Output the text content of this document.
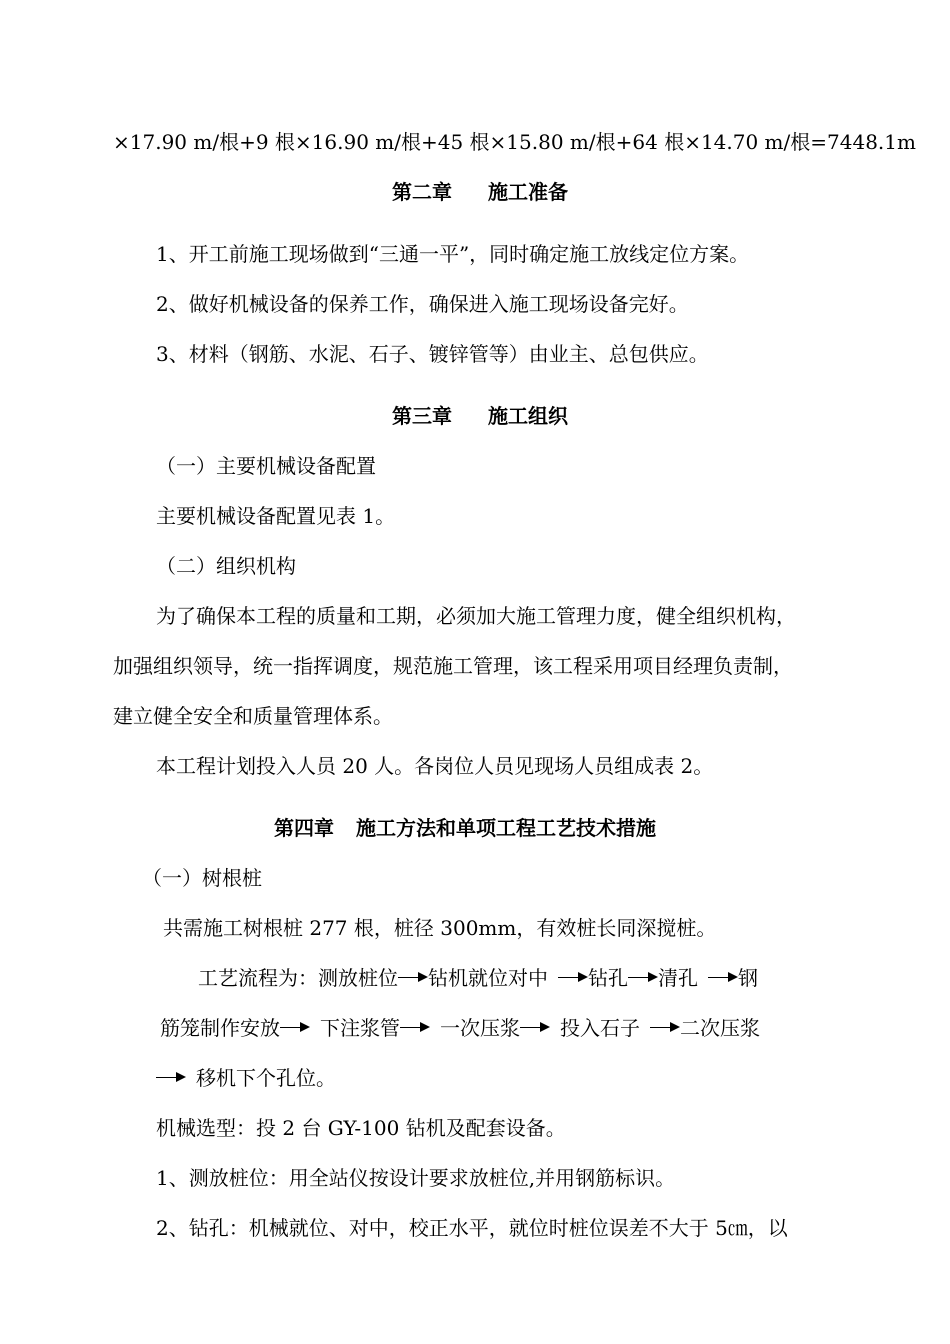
×17.90 m/根+9 根×16.90 m/根+45 根×15.80 m/根+64 根×14.70 m/根=7448.1m

第二章 施工准备

1、开工前施工现场做到“三通一平”，同时确定施工放线定位方案。

2、做好机械设备的保养工作，确保进入施工现场设备完好。

3、材料（钢筋、水泥、石子、镀锌管等）由业主、总包供应。

第三章 施工组织

（一）主要机械设备配置

主要机械设备配置见表 1。

（二）组织机构

为了确保本工程的质量和工期，必须加大施工管理力度，健全组织机构，

加强组织领导，统一指挥调度，规范施工管理，该工程采用项目经理负责制，

建立健全安全和质量管理体系。

本工程计划投入人员 20 人。各岗位人员见现场人员组成表 2。

第四章 施工方法和单项工程工艺技术措施

（一）树根桩

共需施工树根桩 277 根，桩径 300mm，有效桩长同深搅桩。

工艺流程为：测放桩位 钻机就位对中 钻孔 清孔 钢

筋笼制作安放 下注浆管 一次压浆 投入石子 二次压浆

移机下个孔位。

机械选型：投 2 台 GY-100 钻机及配套设备。

1、测放桩位：用全站仪按设计要求放桩位,并用钢筋标识。

2、钻孔：机械就位、对中，校正水平，就位时桩位误差不大于 5㎝，以
